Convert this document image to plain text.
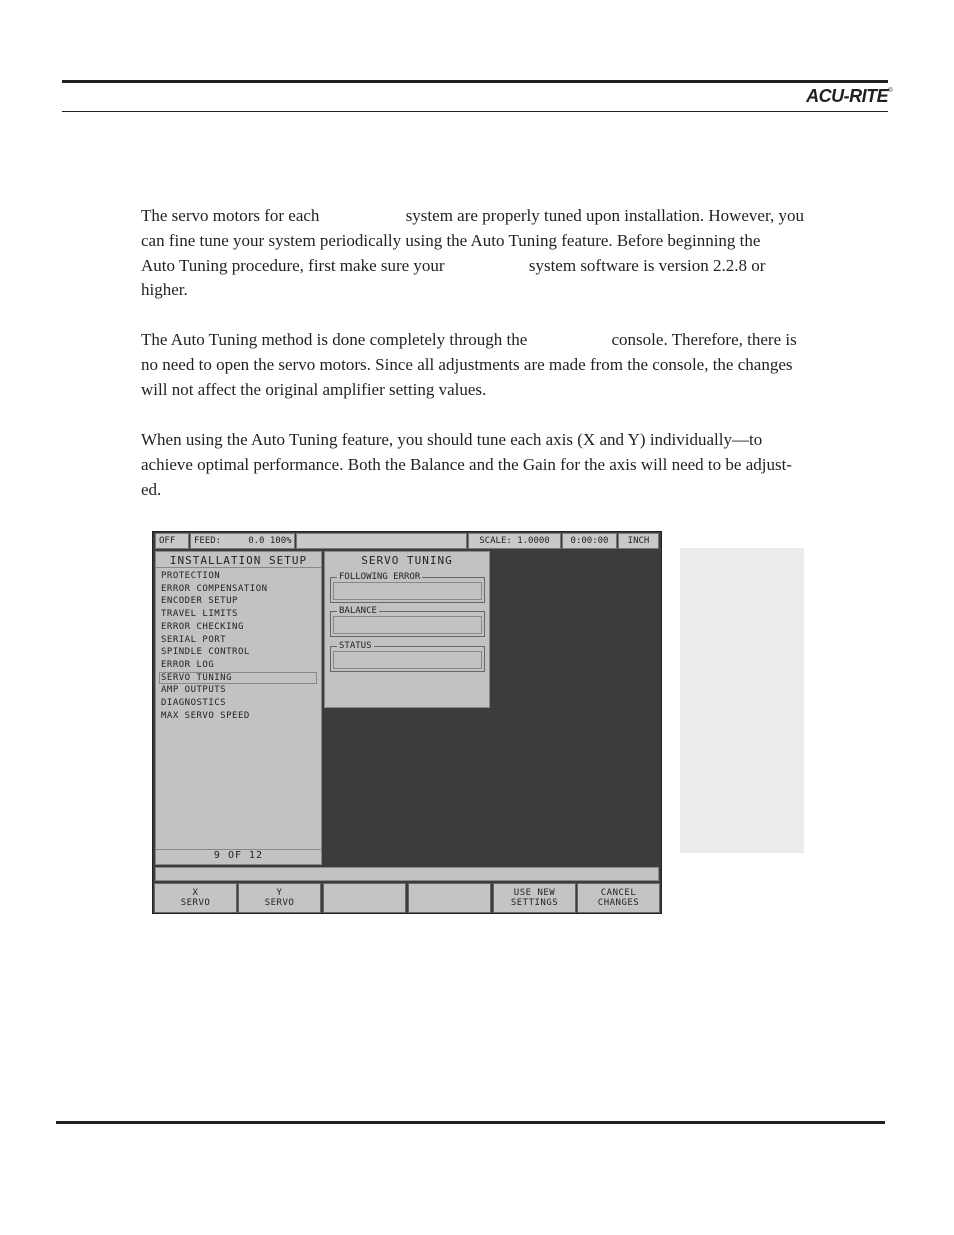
ACU-RITE®
The servo motors for each	system are properly tuned upon installation. However, you
can fine tune your system periodically using the Auto Tuning feature. Before beginning the
Auto Tuning procedure, first make sure your	system software is version 2.2.8 or
higher.
The Auto Tuning method is done completely through the	console. Therefore, there is
no need to open the servo motors. Since all adjustments are made from the console, the changes
will not affect the original amplifier setting values.
When using the Auto Tuning feature, you should tune each axis (X and Y) individually—to
achieve optimal performance. Both the Balance and the Gain for the axis will need to be adjust-
ed.
OFF	FEED:	0.0 100%	SCALE: 1.0000	0:00:00	INCH
INSTALLATION SETUP
PROTECTION
ERROR COMPENSATION
ENCODER SETUP
TRAVEL LIMITS
ERROR CHECKING
SERIAL PORT
SPINDLE CONTROL
ERROR LOG
SERVO TUNING
AMP OUTPUTS
DIAGNOSTICS
MAX SERVO SPEED
9 OF 12
SERVO TUNING
FOLLOWING ERROR
BALANCE
STATUS
X
SERVO
Y
SERVO
USE NEW
SETTINGS
CANCEL
CHANGES
